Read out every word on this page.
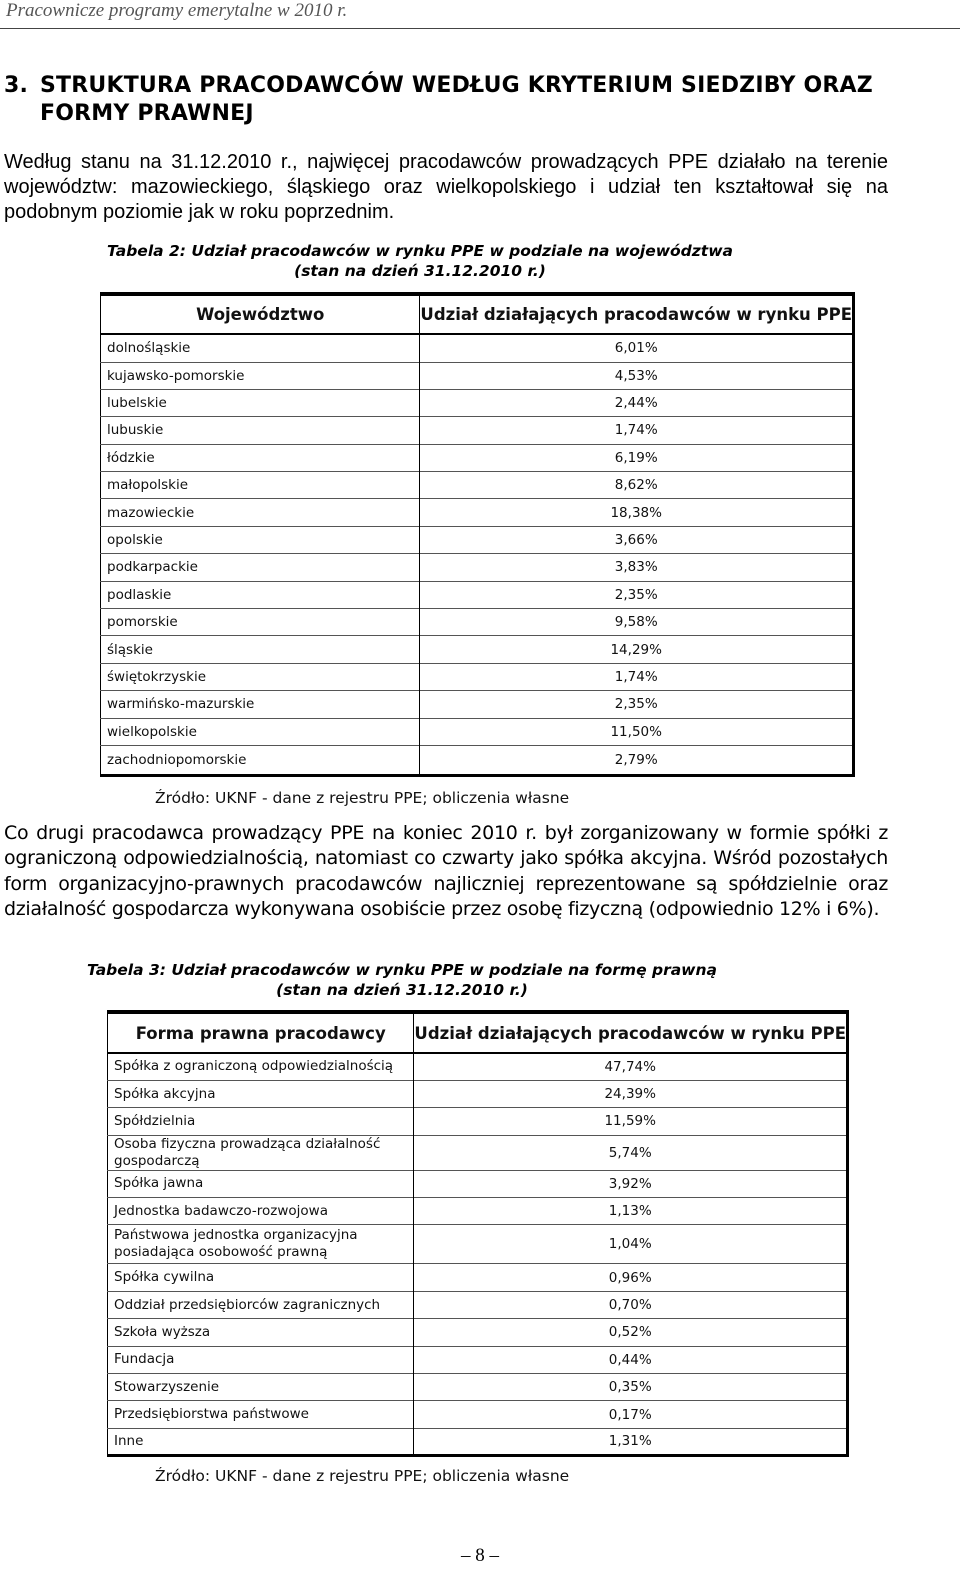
Pracownicze programy emerytalne w 2010 r.
3. STRUKTURA PRACODAWCÓW WEDŁUG KRYTERIUM SIEDZIBY ORAZ
FORMY PRAWNEJ
Według stanu na 31.12.2010 r., najwięcej pracodawców prowadzących PPE działało na terenie województw: mazowieckiego, śląskiego oraz wielkopolskiego i udział ten kształtował się na podobnym poziomie jak w roku poprzednim.
Tabela 2: Udział pracodawców w rynku PPE w podziale na województwa
(stan na dzień 31.12.2010 r.)
Województwo	Udział działających pracodawców w rynku PPE
dolnośląskie	6,01%
kujawsko-pomorskie	4,53%
lubelskie	2,44%
lubuskie	1,74%
łódzkie	6,19%
małopolskie	8,62%
mazowieckie	18,38%
opolskie	3,66%
podkarpackie	3,83%
podlaskie	2,35%
pomorskie	9,58%
śląskie	14,29%
świętokrzyskie	1,74%
warmińsko-mazurskie	2,35%
wielkopolskie	11,50%
zachodniopomorskie	2,79%
Źródło: UKNF - dane z rejestru PPE; obliczenia własne
Co drugi pracodawca prowadzący PPE na koniec 2010 r. był zorganizowany w formie spółki z ograniczoną odpowiedzialnością, natomiast co czwarty jako spółka akcyjna. Wśród pozostałych form organizacyjno-prawnych pracodawców najliczniej reprezentowane są spółdzielnie oraz działalność gospodarcza wykonywana osobiście przez osobę fizyczną (odpowiednio 12% i 6%).
Tabela 3: Udział pracodawców w rynku PPE w podziale na formę prawną
(stan na dzień 31.12.2010 r.)
Forma prawna pracodawcy	Udział działających pracodawców w rynku PPE
Spółka z ograniczoną odpowiedzialnością	47,74%
Spółka akcyjna	24,39%
Spółdzielnia	11,59%
Osoba fizyczna prowadząca działalność gospodarczą	5,74%
Spółka jawna	3,92%
Jednostka badawczo-rozwojowa	1,13%
Państwowa jednostka organizacyjna posiadająca osobowość prawną	1,04%
Spółka cywilna	0,96%
Oddział przedsiębiorców zagranicznych	0,70%
Szkoła wyższa	0,52%
Fundacja	0,44%
Stowarzyszenie	0,35%
Przedsiębiorstwa państwowe	0,17%
Inne	1,31%
Źródło: UKNF - dane z rejestru PPE; obliczenia własne
– 8 –
